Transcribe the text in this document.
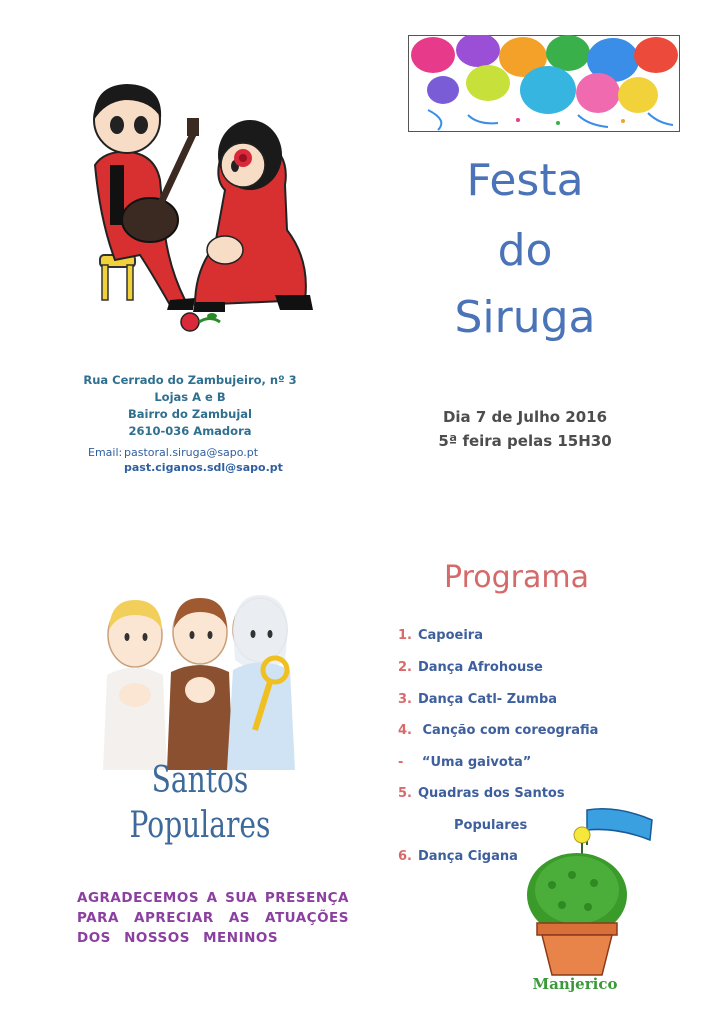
Festa
do
Siruga
Dia 7 de Julho 2016
5ª feira pelas 15H30
Rua Cerrado do Zambujeiro, nº 3
Lojas A e B
Bairro do Zambujal
2610-036 Amadora
Email: pastoral.siruga@sapo.pt
past.ciganos.sdl@sapo.pt
Santos
Populares
AGRADECEMOS A SUA PRESENÇA
PARA APRECIAR AS ATUAÇÕES
DOS NOSSOS MENINOS
Programa
1. Capoeira
2. Dança Afrohouse
3. Dança Catl- Zumba
4. Canção com coreografia
- “Uma gaivota”
5. Quadras dos Santos
Populares
6. Dança Cigana
Manjerico
